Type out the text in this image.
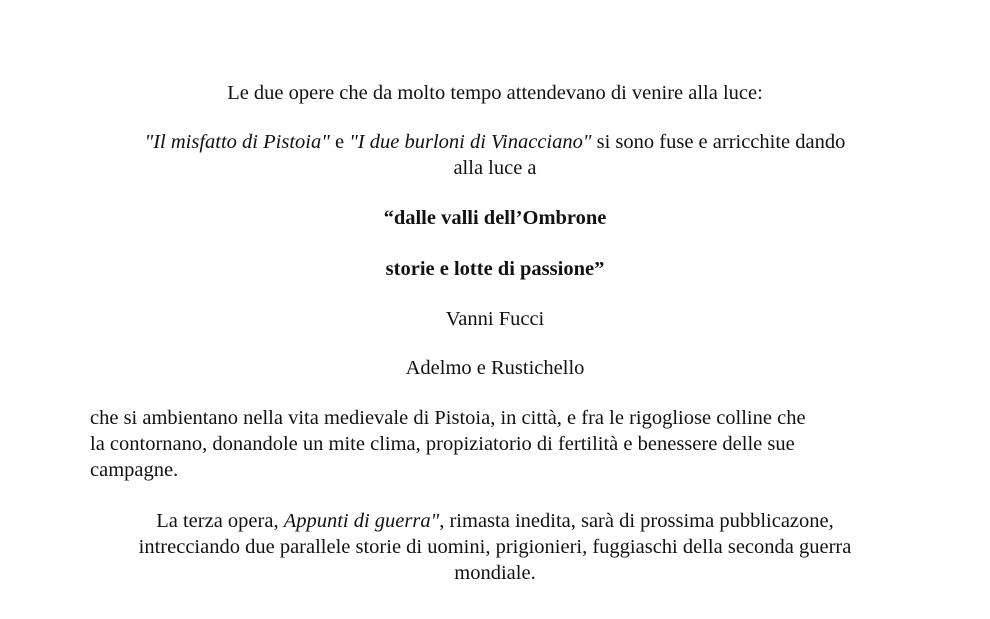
Le due opere che da molto tempo attendevano di venire alla luce:

"Il misfatto di Pistoia" e "I due burloni di Vinacciano" si sono fuse e arricchite dando
alla luce a

“dalle valli dell’Ombrone

storie e lotte di passione”

Vanni Fucci

Adelmo e Rustichello

che si ambientano nella vita medievale di Pistoia, in città, e fra le rigogliose colline che
la contornano, donandole un mite clima, propiziatorio di fertilità e benessere delle sue
campagne.

La terza opera, Appunti di guerra", rimasta inedita, sarà di prossima pubblicazone,
intrecciando due parallele storie di uomini, prigionieri, fuggiaschi della seconda guerra
mondiale.
